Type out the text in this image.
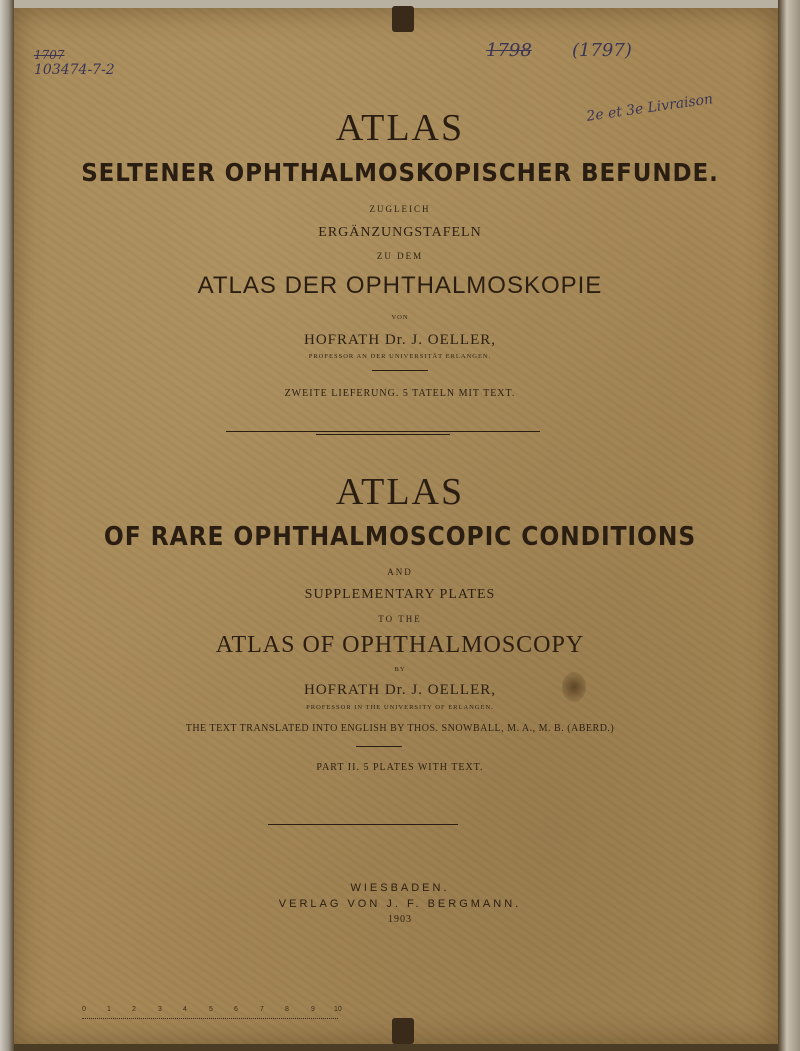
1707
103474-7-2
1798 (1797)
2e et 3e Livraison
ATLAS
SELTENER OPHTHALMOSKOPISCHER BEFUNDE.
ZUGLEICH
ERGÄNZUNGSTAFELN
ZU DEM
ATLAS DER OPHTHALMOSKOPIE
VON
HOFRATH Dr. J. OELLER,
PROFESSOR AN DER UNIVERSITÄT ERLANGEN.
ZWEITE LIEFERUNG. 5 TATELN MIT TEXT.
ATLAS
OF RARE OPHTHALMOSCOPIC CONDITIONS
AND
SUPPLEMENTARY PLATES
TO THE
ATLAS OF OPHTHALMOSCOPY
BY
HOFRATH Dr. J. OELLER,
PROFESSOR IN THE UNIVERSITY OF ERLANGEN.
THE TEXT TRANSLATED INTO ENGLISH BY THOS. SNOWBALL, M. A., M. B. (ABERD.)
PART II. 5 PLATES WITH TEXT.
WIESBADEN.
VERLAG VON J. F. BERGMANN.
1903
0	1	2	3	4	5	6	7	8	9	10
